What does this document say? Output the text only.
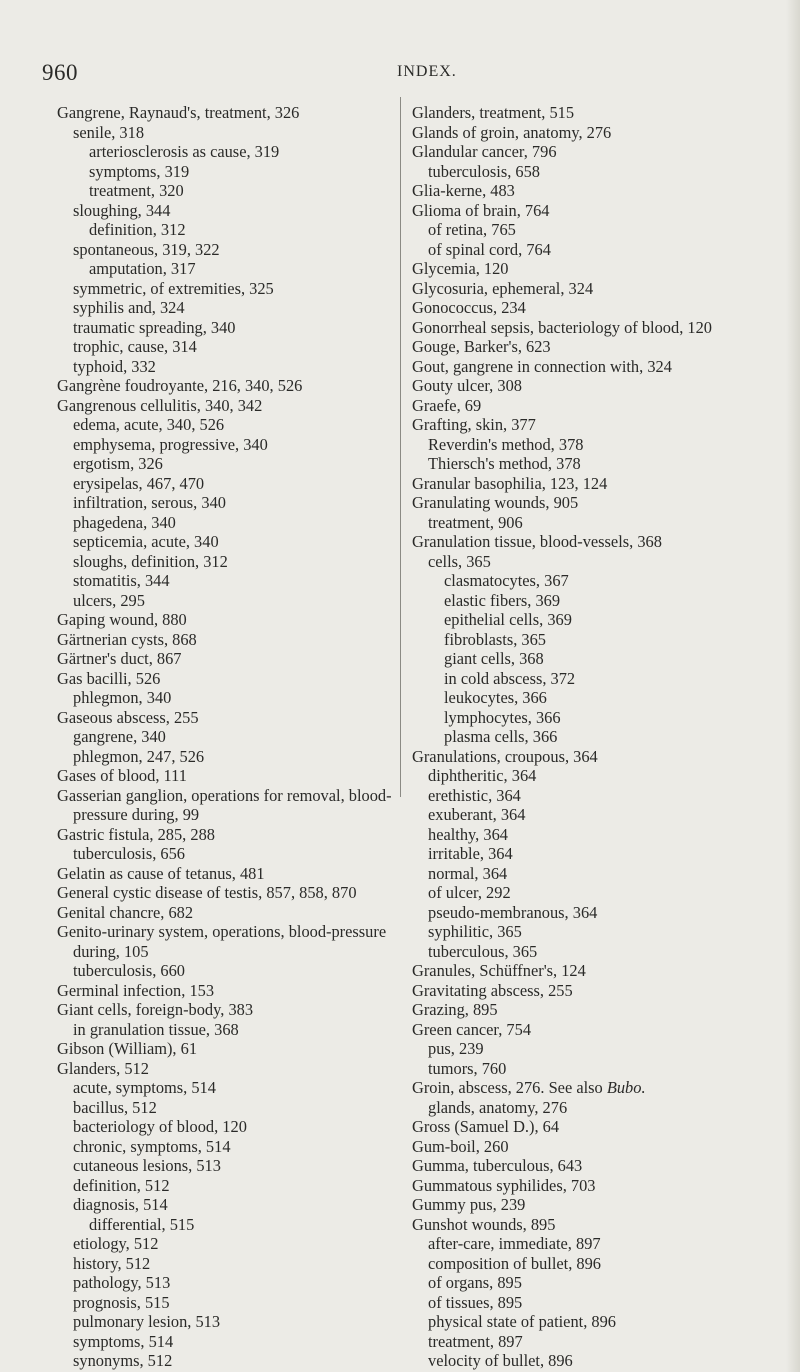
960	INDEX.

Gangrene, Raynaud's, treatment, 326

senile, 318

arteriosclerosis as cause, 319

symptoms, 319

treatment, 320

sloughing, 344

definition, 312

spontaneous, 319, 322

amputation, 317

symmetric, of extremities, 325

syphilis and, 324

traumatic spreading, 340

trophic, cause, 314

typhoid, 332

Gangrène foudroyante, 216, 340, 526

Gangrenous cellulitis, 340, 342

edema, acute, 340, 526

emphysema, progressive, 340

ergotism, 326

erysipelas, 467, 470

infiltration, serous, 340

phagedena, 340

septicemia, acute, 340

sloughs, definition, 312

stomatitis, 344

ulcers, 295

Gaping wound, 880

Gärtnerian cysts, 868

Gärtner's duct, 867

Gas bacilli, 526

phlegmon, 340

Gaseous abscess, 255

gangrene, 340

phlegmon, 247, 526

Gases of blood, 111

Gasserian ganglion, operations for removal, blood-pressure during, 99

Gastric fistula, 285, 288

tuberculosis, 656

Gelatin as cause of tetanus, 481

General cystic disease of testis, 857, 858, 870

Genital chancre, 682

Genito-urinary system, operations, blood-pressure during, 105

tuberculosis, 660

Germinal infection, 153

Giant cells, foreign-body, 383

in granulation tissue, 368

Gibson (William), 61

Glanders, 512

acute, symptoms, 514

bacillus, 512

bacteriology of blood, 120

chronic, symptoms, 514

cutaneous lesions, 513

definition, 512

diagnosis, 514

differential, 515

etiology, 512

history, 512

pathology, 513

prognosis, 515

pulmonary lesion, 513

symptoms, 514

synonyms, 512

Glanders, treatment, 515

Glands of groin, anatomy, 276

Glandular cancer, 796

tuberculosis, 658

Glia-kerne, 483

Glioma of brain, 764

of retina, 765

of spinal cord, 764

Glycemia, 120

Glycosuria, ephemeral, 324

Gonococcus, 234

Gonorrheal sepsis, bacteriology of blood, 120

Gouge, Barker's, 623

Gout, gangrene in connection with, 324

Gouty ulcer, 308

Graefe, 69

Grafting, skin, 377

Reverdin's method, 378

Thiersch's method, 378

Granular basophilia, 123, 124

Granulating wounds, 905

treatment, 906

Granulation tissue, blood-vessels, 368

cells, 365

clasmatocytes, 367

elastic fibers, 369

epithelial cells, 369

fibroblasts, 365

giant cells, 368

in cold abscess, 372

leukocytes, 366

lymphocytes, 366

plasma cells, 366

Granulations, croupous, 364

diphtheritic, 364

erethistic, 364

exuberant, 364

healthy, 364

irritable, 364

normal, 364

of ulcer, 292

pseudo-membranous, 364

syphilitic, 365

tuberculous, 365

Granules, Schüffner's, 124

Gravitating abscess, 255

Grazing, 895

Green cancer, 754

pus, 239

tumors, 760

Groin, abscess, 276. See also Bubo.

glands, anatomy, 276

Gross (Samuel D.), 64

Gum-boil, 260

Gumma, tuberculous, 643

Gummatous syphilides, 703

Gummy pus, 239

Gunshot wounds, 895

after-care, immediate, 897

composition of bullet, 896

of organs, 895

of tissues, 895

physical state of patient, 896

treatment, 897

velocity of bullet, 896
